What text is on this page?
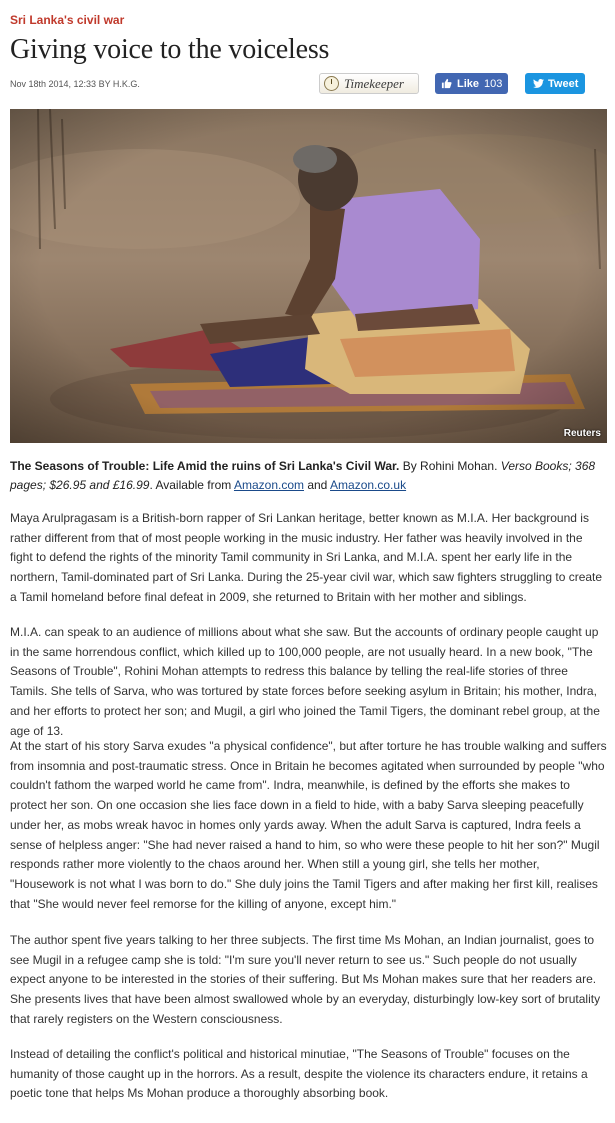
Sri Lanka's civil war
Giving voice to the voiceless
Nov 18th 2014, 12:33 BY H.K.G.	Timekeeper	Like 103	Tweet
Reuters

The Seasons of Trouble: Life Amid the ruins of Sri Lanka's Civil War. By Rohini Mohan. Verso Books; 368 pages; $26.95 and £16.99. Available from Amazon.com and Amazon.co.uk

Maya Arulpragasam is a British-born rapper of Sri Lankan heritage, better known as M.I.A. Her background is rather different from that of most people working in the music industry. Her father was heavily involved in the fight to defend the rights of the minority Tamil community in Sri Lanka, and M.I.A. spent her early life in the northern, Tamil-dominated part of Sri Lanka. During the 25-year civil war, which saw fighters struggling to create a Tamil homeland before final defeat in 2009, she returned to Britain with her mother and siblings.

M.I.A. can speak to an audience of millions about what she saw. But the accounts of ordinary people caught up in the same horrendous conflict, which killed up to 100,000 people, are not usually heard. In a new book, "The Seasons of Trouble", Rohini Mohan attempts to redress this balance by telling the real-life stories of three Tamils. She tells of Sarva, who was tortured by state forces before seeking asylum in Britain; his mother, Indra, and her efforts to protect her son; and Mugil, a girl who joined the Tamil Tigers, the dominant rebel group, at the age of 13.

At the start of his story Sarva exudes "a physical confidence", but after torture he has trouble walking and suffers from insomnia and post-traumatic stress. Once in Britain he becomes agitated when surrounded by people "who couldn't fathom the warped world he came from". Indra, meanwhile, is defined by the efforts she makes to protect her son. On one occasion she lies face down in a field to hide, with a baby Sarva sleeping peacefully under her, as mobs wreak havoc in homes only yards away. When the adult Sarva is captured, Indra feels a sense of helpless anger: "She had never raised a hand to him, so who were these people to hit her son?" Mugil responds rather more violently to the chaos around her. When still a young girl, she tells her mother, "Housework is not what I was born to do." She duly joins the Tamil Tigers and after making her first kill, realises that "She would never feel remorse for the killing of anyone, except him."

The author spent five years talking to her three subjects. The first time Ms Mohan, an Indian journalist, goes to see Mugil in a refugee camp she is told: "I'm sure you'll never return to see us." Such people do not usually expect anyone to be interested in the stories of their suffering. But Ms Mohan makes sure that her readers are. She presents lives that have been almost swallowed whole by an everyday, disturbingly low-key sort of brutality that rarely registers on the Western consciousness.

Instead of detailing the conflict's political and historical minutiae, "The Seasons of Trouble" focuses on the humanity of those caught up in the horrors. As a result, despite the violence its characters endure, it retains a poetic tone that helps Ms Mohan produce a thoroughly absorbing book.
